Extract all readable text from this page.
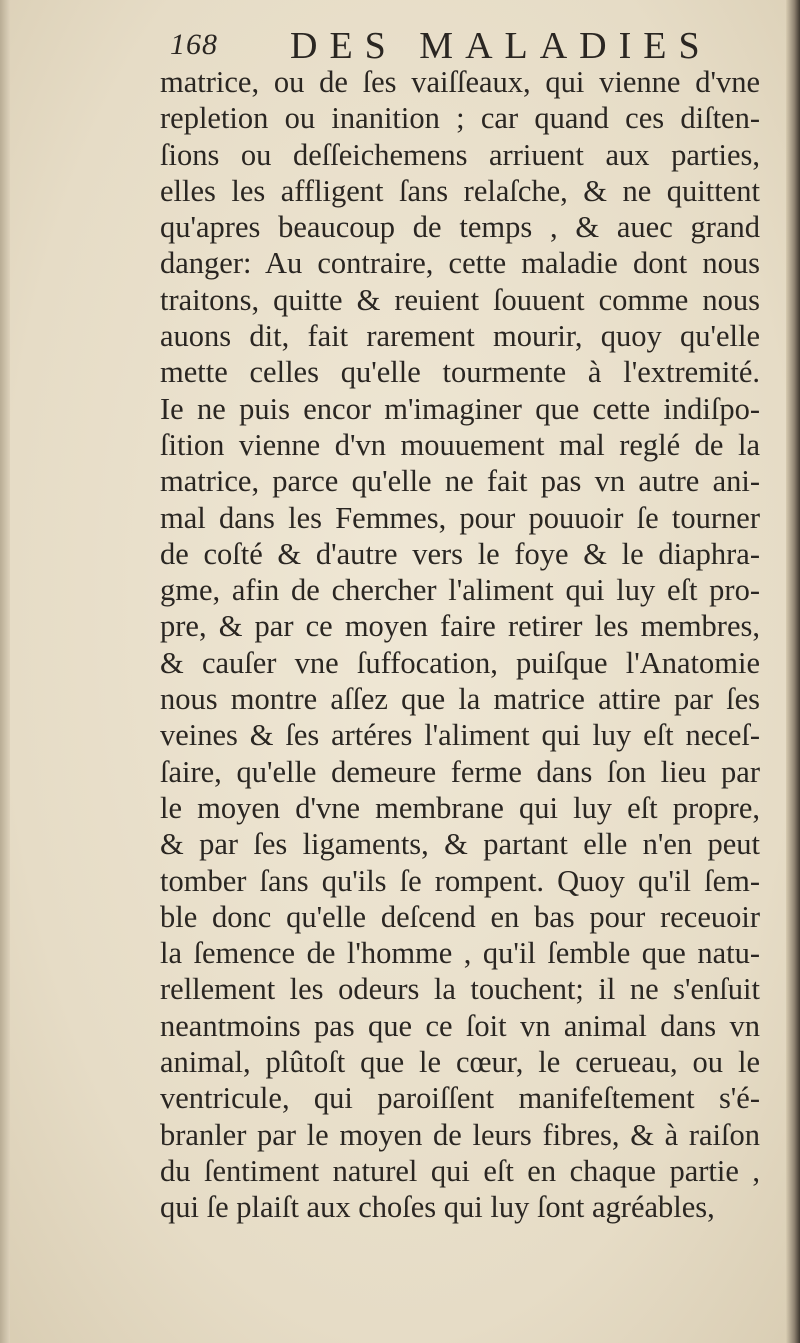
168 DES MALADIES
matrice, ou de ſes vaiſſeaux, qui vienne d'vne
repletion ou inanition ; car quand ces diſten-
ſions ou deſſeichemens arriuent aux parties,
elles les affligent ſans relaſche, & ne quittent
qu'apres beaucoup de temps , & auec grand
danger: Au contraire, cette maladie dont nous
traitons, quitte & reuient ſouuent comme nous
auons dit, fait rarement mourir, quoy qu'elle
mette celles qu'elle tourmente à l'extremité.
Ie ne puis encor m'imaginer que cette indiſpo-
ſition vienne d'vn mouuement mal reglé de la
matrice, parce qu'elle ne fait pas vn autre ani-
mal dans les Femmes, pour pouuoir ſe tourner
de coſté & d'autre vers le foye & le diaphra-
gme, afin de chercher l'aliment qui luy eſt pro-
pre, & par ce moyen faire retirer les membres,
& cauſer vne ſuffocation, puiſque l'Anatomie
nous montre aſſez que la matrice attire par ſes
veines & ſes artéres l'aliment qui luy eſt neceſ-
ſaire, qu'elle demeure ferme dans ſon lieu par
le moyen d'vne membrane qui luy eſt propre,
& par ſes ligaments, & partant elle n'en peut
tomber ſans qu'ils ſe rompent. Quoy qu'il ſem-
ble donc qu'elle deſcend en bas pour receuoir
la ſemence de l'homme , qu'il ſemble que natu-
rellement les odeurs la touchent; il ne s'enſuit
neantmoins pas que ce ſoit vn animal dans vn
animal, plûtoſt que le cœur, le cerueau, ou le
ventricule, qui paroiſſent manifeſtement s'é-
branler par le moyen de leurs fibres, & à raiſon
du ſentiment naturel qui eſt en chaque partie ,
qui ſe plaiſt aux choſes qui luy ſont agréables,
